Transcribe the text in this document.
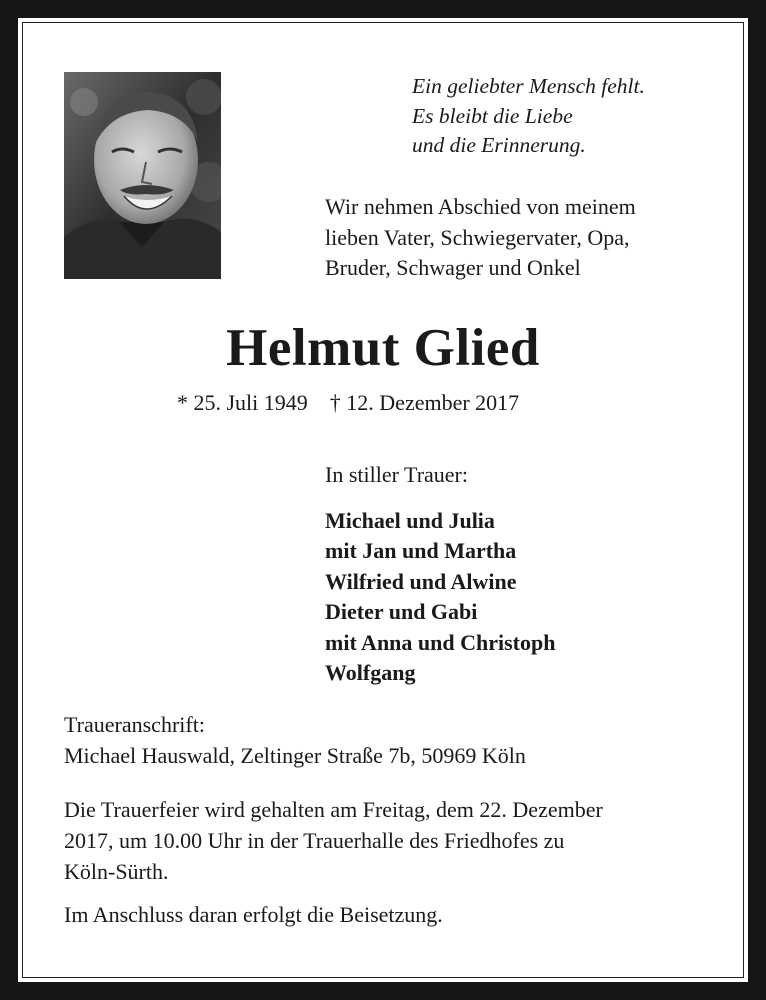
Ein geliebter Mensch fehlt.
Es bleibt die Liebe
und die Erinnerung.
Wir nehmen Abschied von meinem
lieben Vater, Schwiegervater, Opa,
Bruder, Schwager und Onkel
Helmut Glied
* 25. Juli 1949 † 12. Dezember 2017
In stiller Trauer:
Michael und Julia
mit Jan und Martha
Wilfried und Alwine
Dieter und Gabi
mit Anna und Christoph
Wolfgang
Traueranschrift:
Michael Hauswald, Zeltinger Straße 7b, 50969 Köln
Die Trauerfeier wird gehalten am Freitag, dem 22. Dezember
2017, um 10.00 Uhr in der Trauerhalle des Friedhofes zu
Köln-Sürth.
Im Anschluss daran erfolgt die Beisetzung.
